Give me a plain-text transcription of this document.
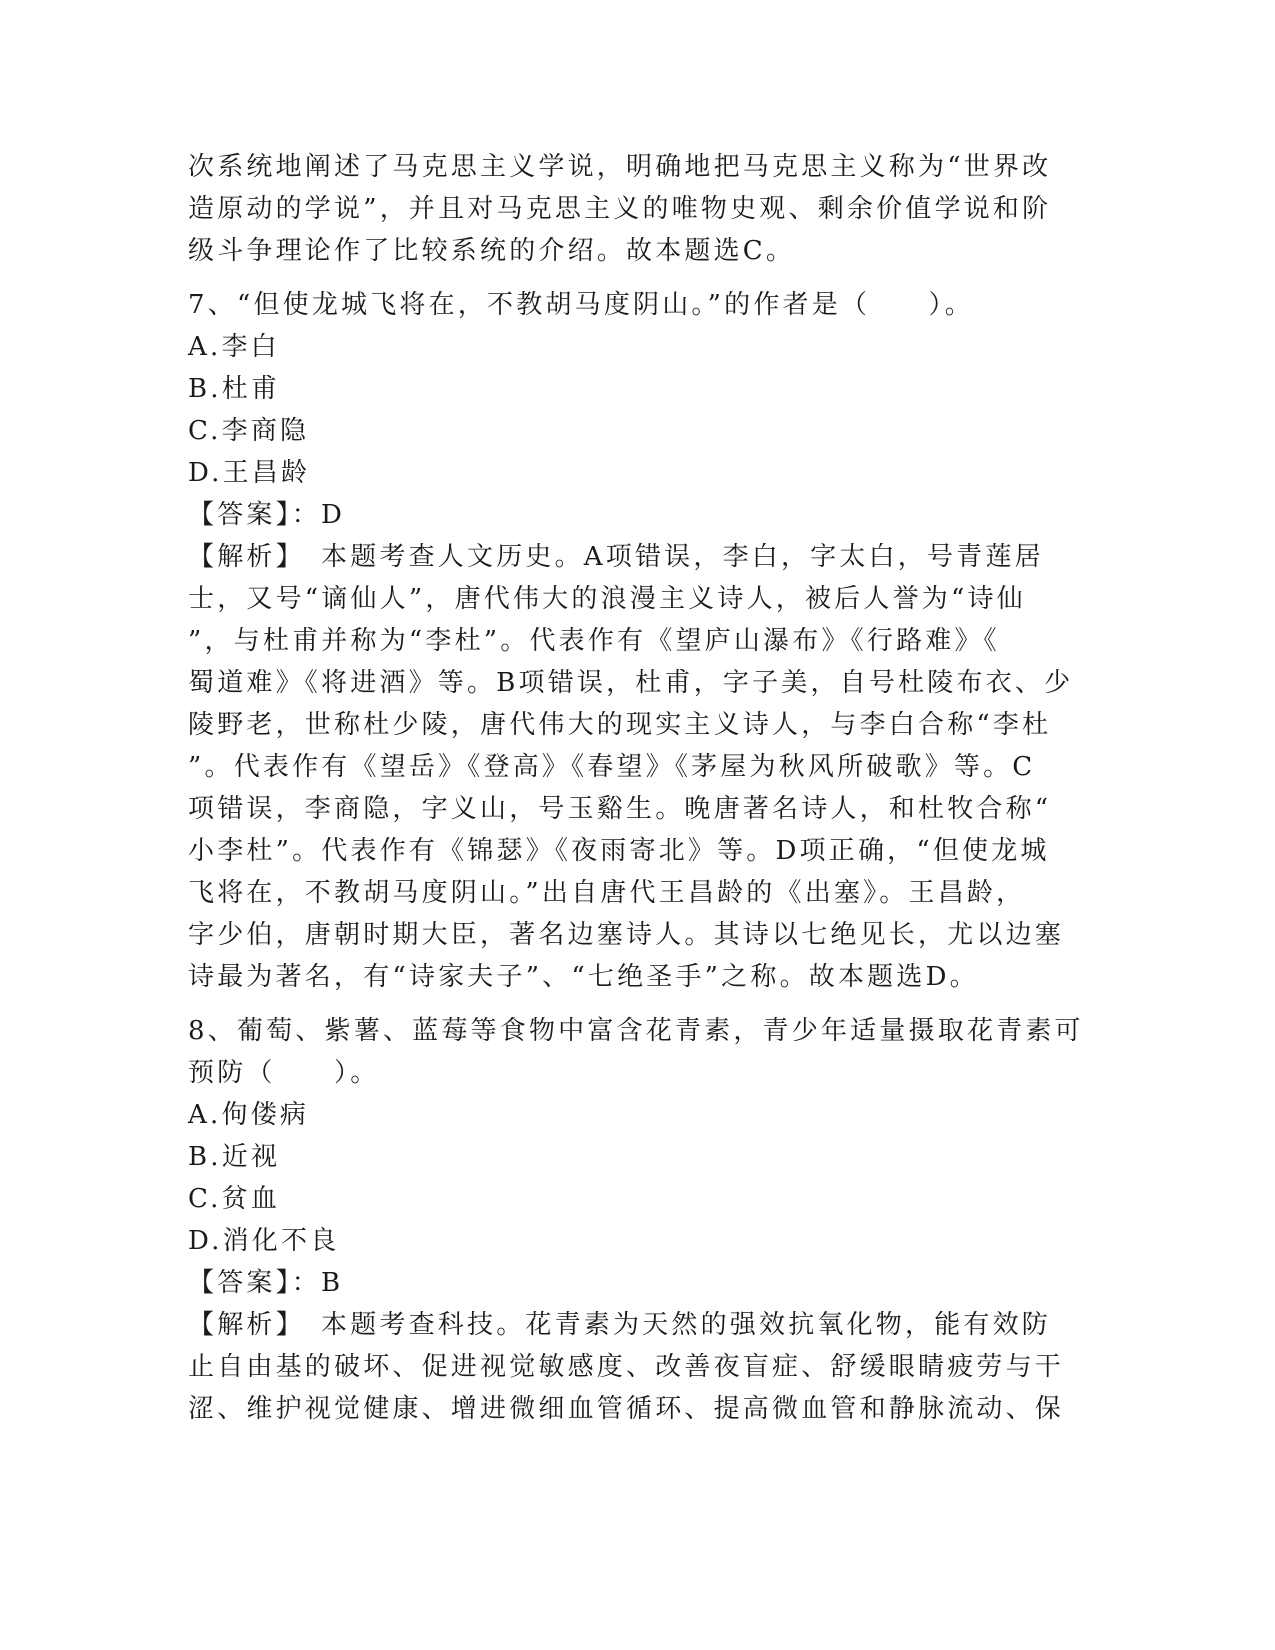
次系统地阐述了马克思主义学说，明确地把马克思主义称为“世界改

造原动的学说”，并且对马克思主义的唯物史观、剩余价值学说和阶

级斗争理论作了比较系统的介绍。故本题选C。

7、“但使龙城飞将在，不教胡马度阴山。”的作者是（　　）。

A.李白

B.杜甫

C.李商隐

D.王昌龄

【答案】：D

【解析】　本题考查人文历史。A项错误，李白，字太白，号青莲居

士，又号“谪仙人”，唐代伟大的浪漫主义诗人，被后人誉为“诗仙

”，与杜甫并称为“李杜”。代表作有《望庐山瀑布》《行路难》《

蜀道难》《将进酒》等。B项错误，杜甫，字子美，自号杜陵布衣、少

陵野老，世称杜少陵，唐代伟大的现实主义诗人，与李白合称“李杜

”。代表作有《望岳》《登高》《春望》《茅屋为秋风所破歌》等。C

项错误，李商隐，字义山，号玉谿生。晚唐著名诗人，和杜牧合称“

小李杜”。代表作有《锦瑟》《夜雨寄北》等。D项正确，“但使龙城

飞将在，不教胡马度阴山。”出自唐代王昌龄的《出塞》。王昌龄，

字少伯，唐朝时期大臣，著名边塞诗人。其诗以七绝见长，尤以边塞

诗最为著名，有“诗家夫子”、“七绝圣手”之称。故本题选D。

8、葡萄、紫薯、蓝莓等食物中富含花青素，青少年适量摄取花青素可

预防（　　）。

A.佝偻病

B.近视

C.贫血

D.消化不良

【答案】：B

【解析】　本题考查科技。花青素为天然的强效抗氧化物，能有效防

止自由基的破坏、促进视觉敏感度、改善夜盲症、舒缓眼睛疲劳与干

涩、维护视觉健康、增进微细血管循环、提高微血管和静脉流动、保
